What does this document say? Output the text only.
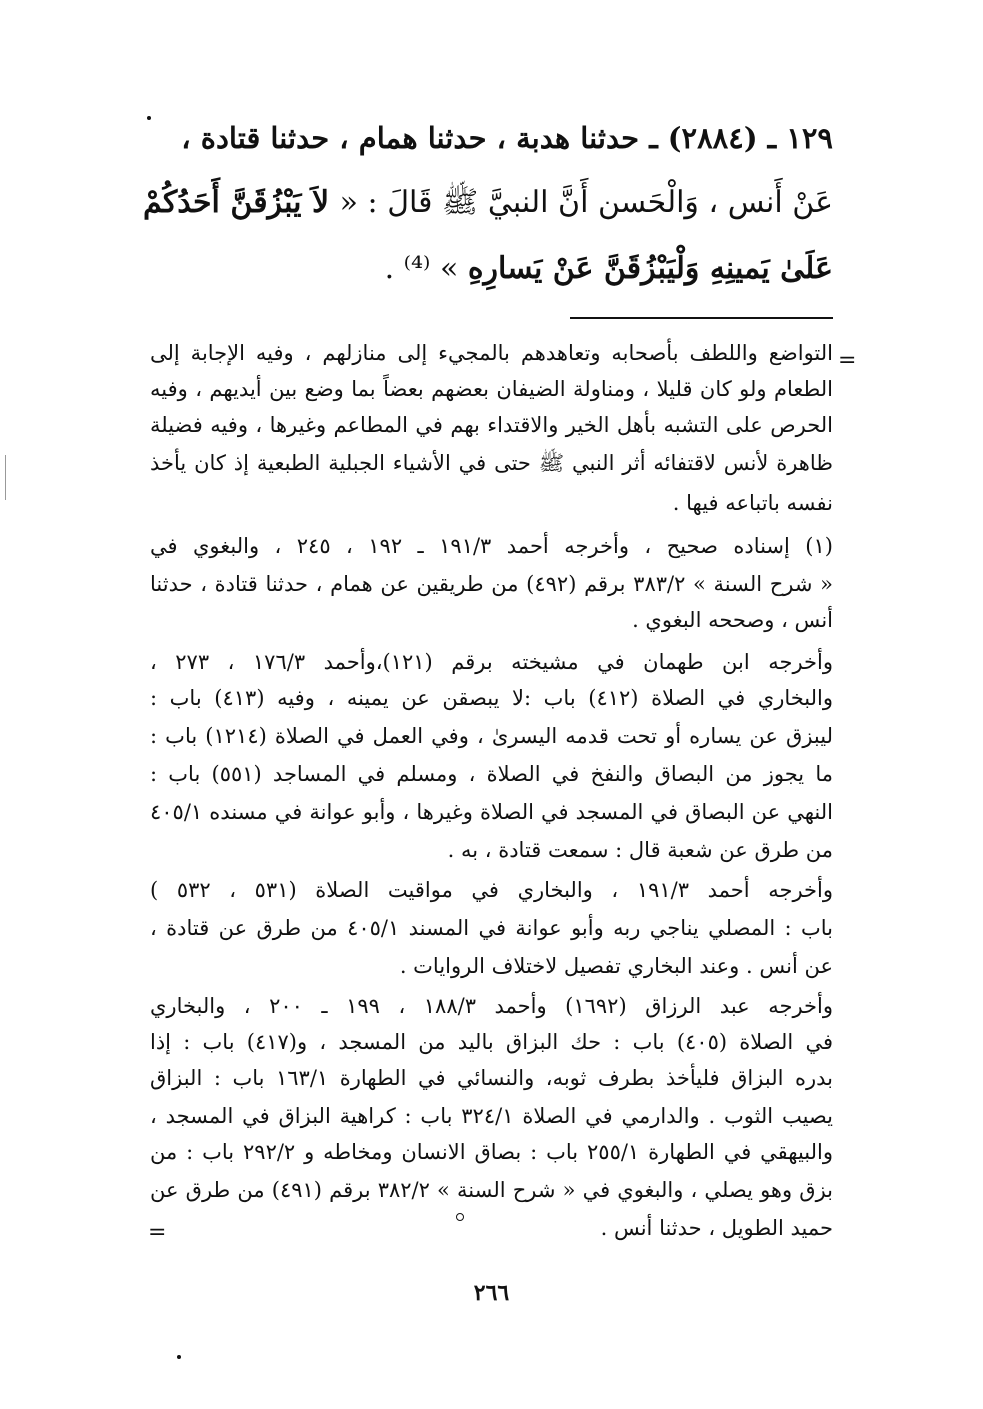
١٢٩ ـ (٢٨٨٤) ـ حدثنا هدبة ، حدثنا همام ، حدثنا قتادة ،
عَنْ أَنس ، وَالْحَسن أَنَّ النبيَّ ﷺ قَالَ : « لاَ يَبْزُقَنَّ أَحَدُكُمْ
عَلَىٰ يَمينِهِ وَلْيَبْزُقَنَّ عَنْ يَسارِهِ » ⁽⁴⁾ .
=
التواضع واللطف بأصحابه وتعاهدهم بالمجيء إلى منازلهم ، وفيه الإجابة إلى
الطعام ولو كان قليلا ، ومناولة الضيفان بعضهم بعضاً بما وضع بين أيديهم ، وفيه
الحرص على التشبه بأهل الخير والاقتداء بهم في المطاعم وغيرها ، وفيه فضيلة
ظاهرة لأنس لاقتفائه أثر النبي ﷺ حتى في الأشياء الجبلية الطبعية إذ كان يأخذ
نفسه باتباعه فيها .
(١) إسناده صحيح ، وأخرجه أحمد ١٩١/٣ ـ ١٩٢ ، ٢٤٥ ، والبغوي في
« شرح السنة » ٣٨٣/٢ برقم (٤٩٢) من طريقين عن همام ، حدثنا قتادة ، حدثنا
أنس ، وصححه البغوي .
وأخرجه ابن طهمان في مشيخته برقم (١٢١)،وأحمد ١٧٦/٣ ، ٢٧٣ ،
والبخاري في الصلاة (٤١٢) باب :لا يبصقن عن يمينه ، وفيه (٤١٣) باب :
ليبزق عن يساره أو تحت قدمه اليسرىٰ ، وفي العمل في الصلاة (١٢١٤) باب :
ما يجوز من البصاق والنفخ في الصلاة ، ومسلم في المساجد (٥٥١) باب :
النهي عن البصاق في المسجد في الصلاة وغيرها ، وأبو عوانة في مسنده ٤٠٥/١
من طرق عن شعبة قال : سمعت قتادة ، به .
وأخرجه أحمد ١٩١/٣ ، والبخاري في مواقيت الصلاة (٥٣١ ، ٥٣٢ )
باب : المصلي يناجي ربه وأبو عوانة في المسند ٤٠٥/١ من طرق عن قتادة ،
عن أنس . وعند البخاري تفصيل لاختلاف الروايات .
وأخرجه عبد الرزاق (١٦٩٢) وأحمد ١٨٨/٣ ، ١٩٩ ـ ٢٠٠ ، والبخاري
في الصلاة (٤٠٥) باب : حك البزاق باليد من المسجد ، و(٤١٧) باب : إذا
بدره البزاق فليأخذ بطرف ثوبه، والنسائي في الطهارة ١٦٣/١ باب : البزاق
يصيب الثوب . والدارمي في الصلاة ٣٢٤/١ باب : كراهية البزاق في المسجد ،
والبيهقي في الطهارة ٢٥٥/١ باب : بصاق الانسان ومخاطه و ٢٩٢/٢ باب : من
بزق وهو يصلي ، والبغوي في « شرح السنة » ٣٨٢/٢ برقم (٤٩١) من طرق عن
حميد الطويل ، حدثنا أنس .
=
٢٦٦
